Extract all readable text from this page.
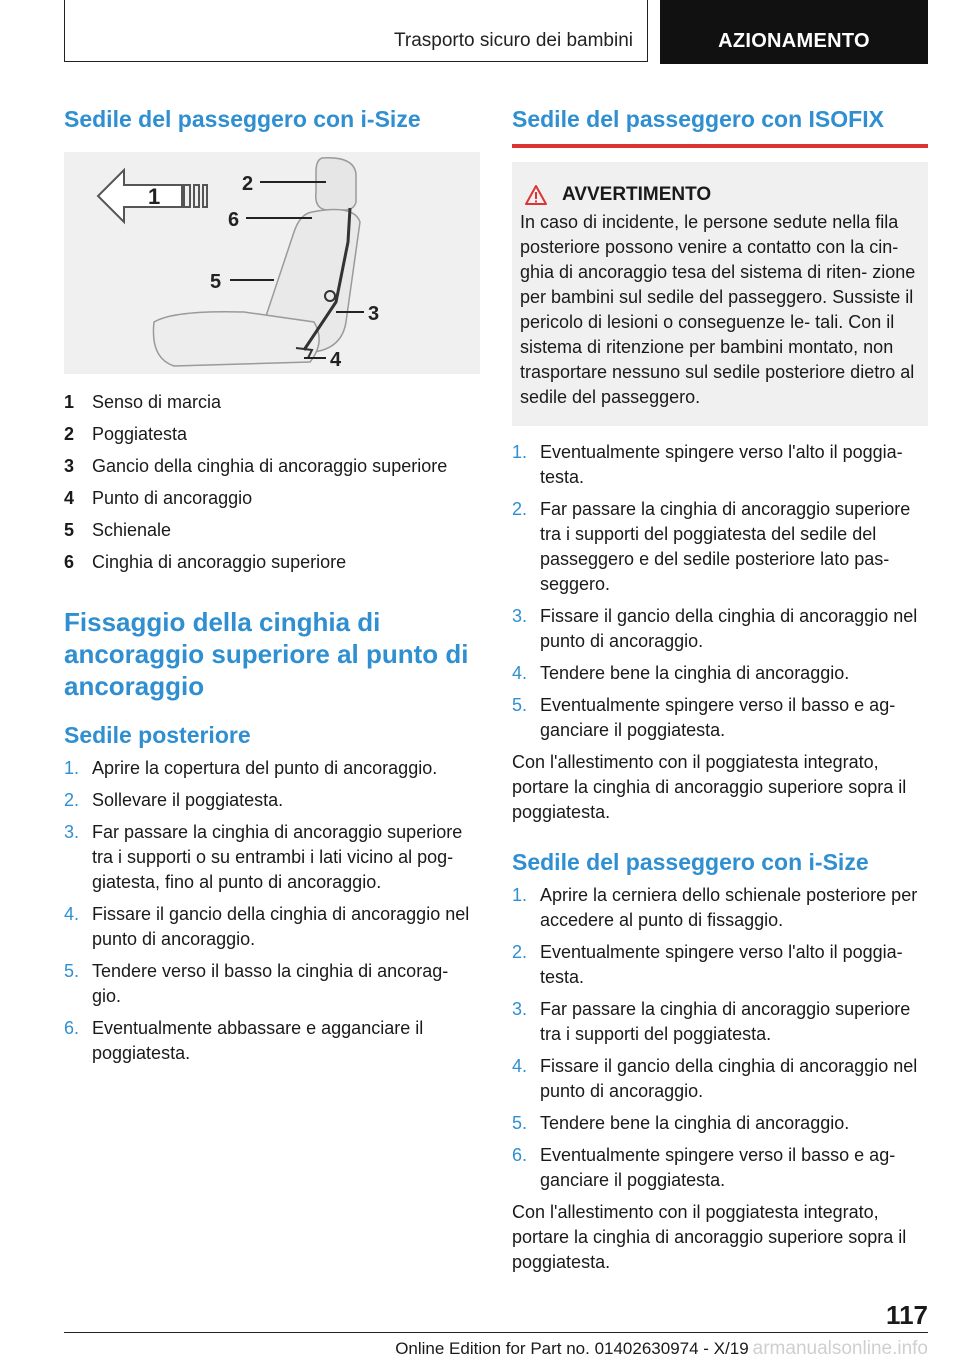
Trasporto sicuro dei bambini	AZIONAMENTO
Sedile del passeggero con i-Size
1	2
6
5
3
4
1 Senso di marcia
2 Poggiatesta
3 Gancio della cinghia di ancoraggio superiore
4 Punto di ancoraggio
5 Schienale
6 Cinghia di ancoraggio superiore
Fissaggio della cinghia di ancoraggio superiore al punto di ancoraggio
Sedile posteriore
1. Aprire la copertura del punto di ancoraggio.
2. Sollevare il poggiatesta.
3. Far passare la cinghia di ancoraggio superiore tra i supporti o su entrambi i lati vicino al pog‐ giatesta, fino al punto di ancoraggio.
4. Fissare il gancio della cinghia di ancoraggio nel punto di ancoraggio.
5. Tendere verso il basso la cinghia di ancorag‐ gio.
6. Eventualmente abbassare e agganciare il poggiatesta.
Sedile del passeggero con ISOFIX
AVVERTIMENTO
In caso di incidente, le persone sedute nella fila posteriore possono venire a contatto con la cin‐ ghia di ancoraggio tesa del sistema di riten‐ zione per bambini sul sedile del passeggero. Sussiste il pericolo di lesioni o conseguenze le‐ tali. Con il sistema di ritenzione per bambini montato, non trasportare nessuno sul sedile posteriore dietro al sedile del passeggero.
1. Eventualmente spingere verso l'alto il poggia‐ testa.
2. Far passare la cinghia di ancoraggio superiore tra i supporti del poggiatesta del sedile del passeggero e del sedile posteriore lato pas‐ seggero.
3. Fissare il gancio della cinghia di ancoraggio nel punto di ancoraggio.
4. Tendere bene la cinghia di ancoraggio.
5. Eventualmente spingere verso il basso e ag‐ ganciare il poggiatesta.

Con l'allestimento con il poggiatesta integrato, portare la cinghia di ancoraggio superiore sopra il poggiatesta.

Sedile del passeggero con i-Size
1. Aprire la cerniera dello schienale posteriore per accedere al punto di fissaggio.
2. Eventualmente spingere verso l'alto il poggia‐ testa.
3. Far passare la cinghia di ancoraggio superiore tra i supporti del poggiatesta.
4. Fissare il gancio della cinghia di ancoraggio nel punto di ancoraggio.
5. Tendere bene la cinghia di ancoraggio.
6. Eventualmente spingere verso il basso e ag‐ ganciare il poggiatesta.

Con l'allestimento con il poggiatesta integrato, portare la cinghia di ancoraggio superiore sopra il poggiatesta.

117
Online Edition for Part no. 01402630974 - X/19 armanualsonline.info
